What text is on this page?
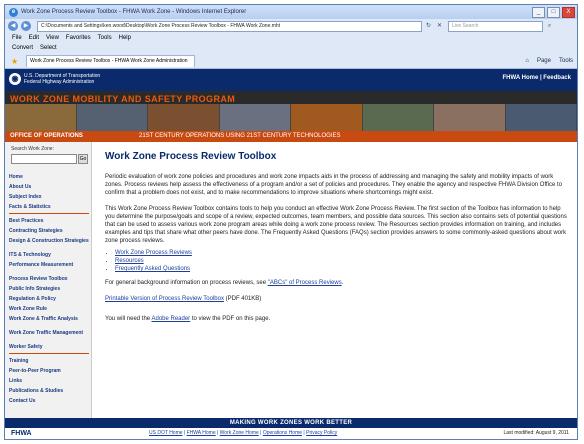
e Work Zone Process Review Toolbox - FHWA Work Zone - Windows Internet Explorer	_	□	X
◀	▶	C:\Documents and Settings\ken.wood\Desktop\Work Zone Process Review Toolbox - FHWA Work Zone.mht	↻ ✕	Live Search	⌕
File Edit View Favorites Tools Help
Convert Select
★	Work Zone Process Review Toolbox - FHWA Work Zone Administration	⌂ Page Tools
◉	U.S. Department of Transportation
Federal Highway Administration
FHWA Home | Feedback
WORK ZONE MOBILITY AND SAFETY PROGRAM
OFFICE OF OPERATIONS	21ST CENTURY OPERATIONS USING 21ST CENTURY TECHNOLOGIES
Search Work Zone:
Go
Home
About Us
Subject Index
Facts & Statistics
Best Practices
Contracting Strategies
Design & Construction Strategies
ITS & Technology
Performance Measurement
Process Review Toolbox
Public Info Strategies
Regulation & Policy
Work Zone Rule
Work Zone & Traffic Analysis
Work Zone Traffic Management
Worker Safety
Training
Peer-to-Peer Program
Links
Publications & Studies
Contact Us
Work Zone Process Review Toolbox

Periodic evaluation of work zone policies and procedures and work zone impacts aids in the process of addressing and managing the safety and mobility impacts of work zones. Process reviews help assess the effectiveness of a program and/or a set of policies and procedures. They enable the agency and respective FHWA Division Office to confirm that a problem does not exist, and to make recommendations to improve situations where shortcomings might exist.

This Work Zone Process Review Toolbox contains tools to help you conduct an effective Work Zone Process Review. The first section of the Toolbox has information to help you determine the purpose/goals and scope of a review, expected outcomes, team members, and possible data sources. This section also contains sets of potential questions that can be used to assess various work zone program areas while doing a work zone process review. The Resources section provides information on training, and includes examples and tips that share what other peers have done. The Frequently Asked Questions (FAQs) section provides answers to some commonly-asked questions about work zone process reviews.

• Work Zone Process Reviews
• Resources
• Frequently Asked Questions

For general background information on process reviews, see "ABCs" of Process Reviews.

Printable Version of Process Review Toolbox (PDF 401KB)

You will need the Adobe Reader to view the PDF on this page.

MAKING WORK ZONES WORK BETTER
FHWA	US DOT Home | FHWA Home | Work Zone Home | Operations Home | Privacy Policy	Last modified: August 9, 2011
